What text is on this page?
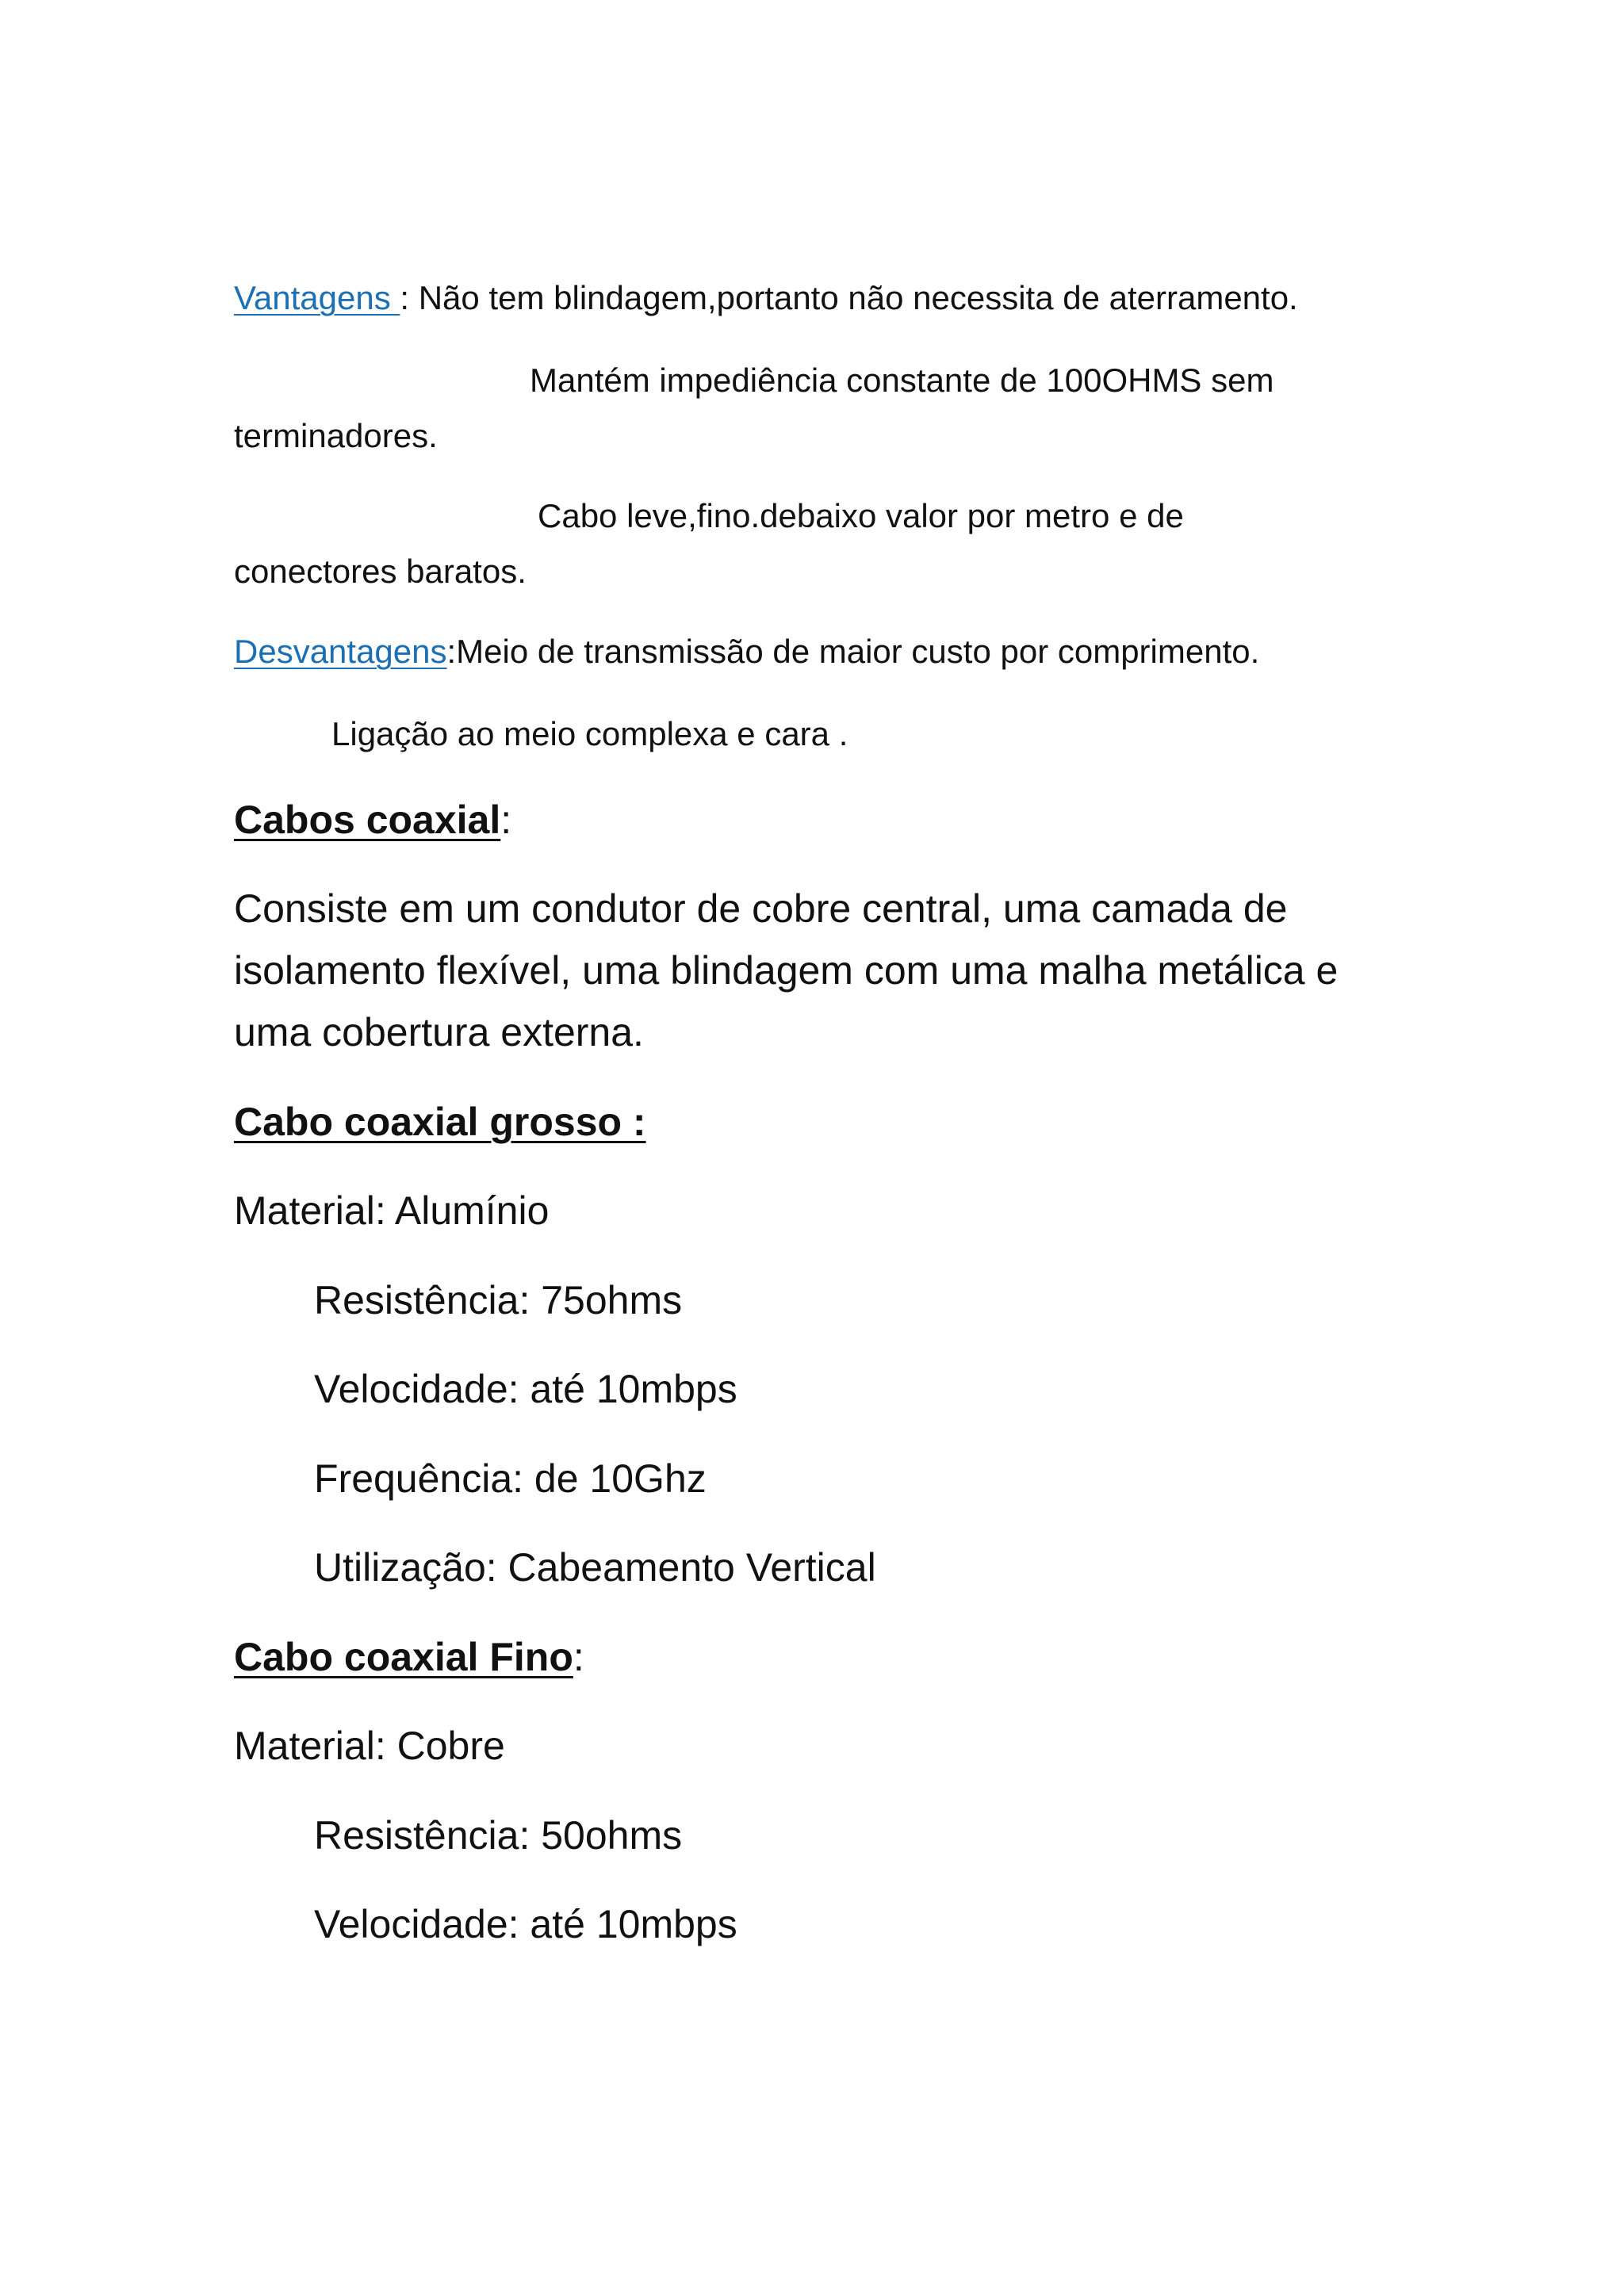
Vantagens : Não tem blindagem,portanto não necessita de aterramento.
Mantém impediência constante de 100OHMS sem
terminadores.
Cabo leve,fino.debaixo valor por metro e de
conectores baratos.
Desvantagens:Meio de transmissão de maior custo por comprimento.
Ligação ao meio complexa e cara .
Cabos coaxial:
Consiste em um condutor de cobre central, uma camada de
isolamento flexível, uma blindagem com uma malha metálica e
uma cobertura externa.
Cabo coaxial grosso :
Material: Alumínio
Resistência: 75ohms
Velocidade: até 10mbps
Frequência: de 10Ghz
Utilização: Cabeamento Vertical
Cabo coaxial Fino:
Material: Cobre
Resistência: 50ohms
Velocidade: até 10mbps
